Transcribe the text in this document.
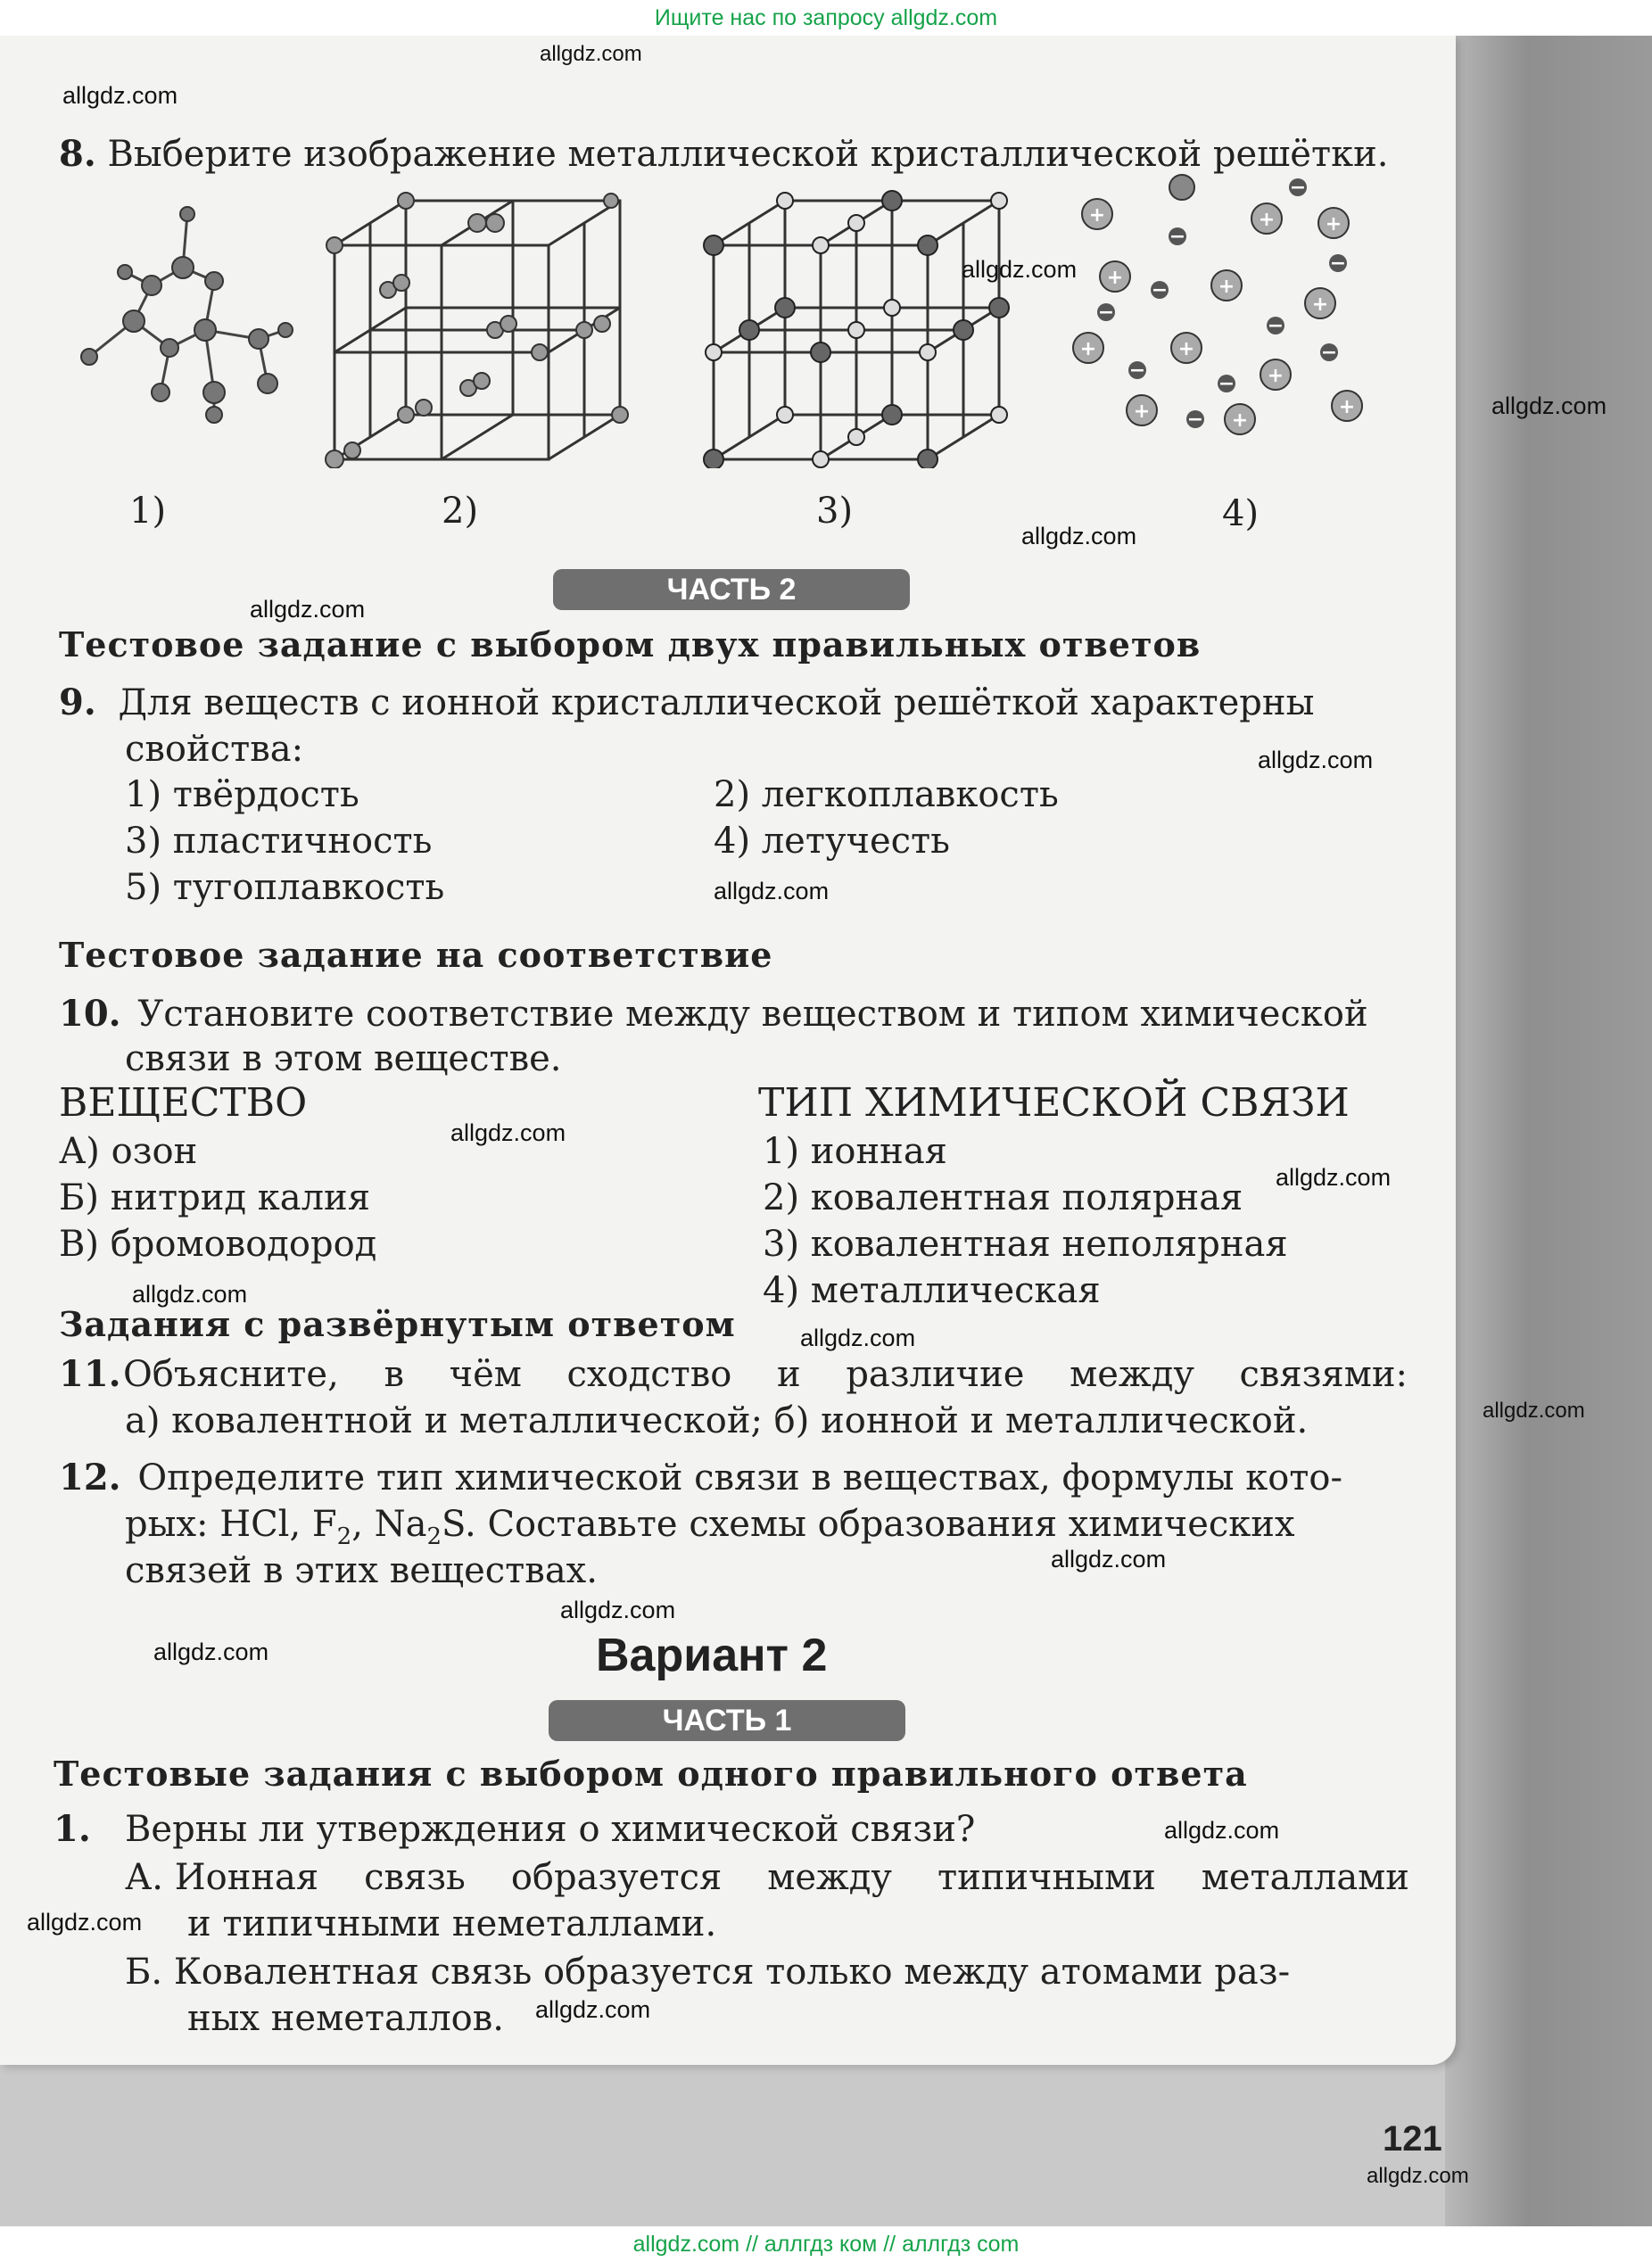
Ищите нас по запросу allgdz.com
8. Выберите изображение металлической кристаллической решётки.
+	+	+
+	+
+
+	+
+
+	+
+
−
−
−
−
−
−
−
−
−
−
1)	2)	3)	4)
ЧАСТЬ 2
Тестовое задание с выбором двух правильных ответов
9. Для веществ с ионной кристаллической решёткой характерны
свойства:
1) твёрдость	2) легкоплавкость
3) пластичность	4) летучесть
5) тугоплавкость
Тестовое задание на соответствие
10. Установите соответствие между веществом и типом химической
связи в этом веществе.
ВЕЩЕСТВО	ТИП ХИМИЧЕСКОЙ СВЯЗИ
А) озон
Б) нитрид калия
В) бромоводород
1) ионная
2) ковалентная полярная
3) ковалентная неполярная
4) металлическая
Задания с развёрнутым ответом
11. Объясните, в чём сходство и различие между связями:
а) ковалентной и металлической; б) ионной и металлической.
12. Определите тип химической связи в веществах, формулы кото-
рых: HCl, $F_2$, $Na_2S$. Составьте схемы образования химических
связей в этих веществах.
Вариант 2
ЧАСТЬ 1
Тестовые задания с выбором одного правильного ответа
1. Верны ли утверждения о химической связи?
А. Ионная связь образуется между типичными металлами
и типичными неметаллами.
Б. Ковалентная связь образуется только между атомами раз-
ных неметаллов.
121
allgdz.com
allgdz.com
allgdz.com
allgdz.com
allgdz.com
allgdz.com
allgdz.com
allgdz.com
allgdz.com
allgdz.com
allgdz.com
allgdz.com
allgdz.com
allgdz.com
allgdz.com
allgdz.com
allgdz.com
allgdz.com
allgdz.com
allgdz.com
allgdz.com // аллгдз ком // аллгдз com
